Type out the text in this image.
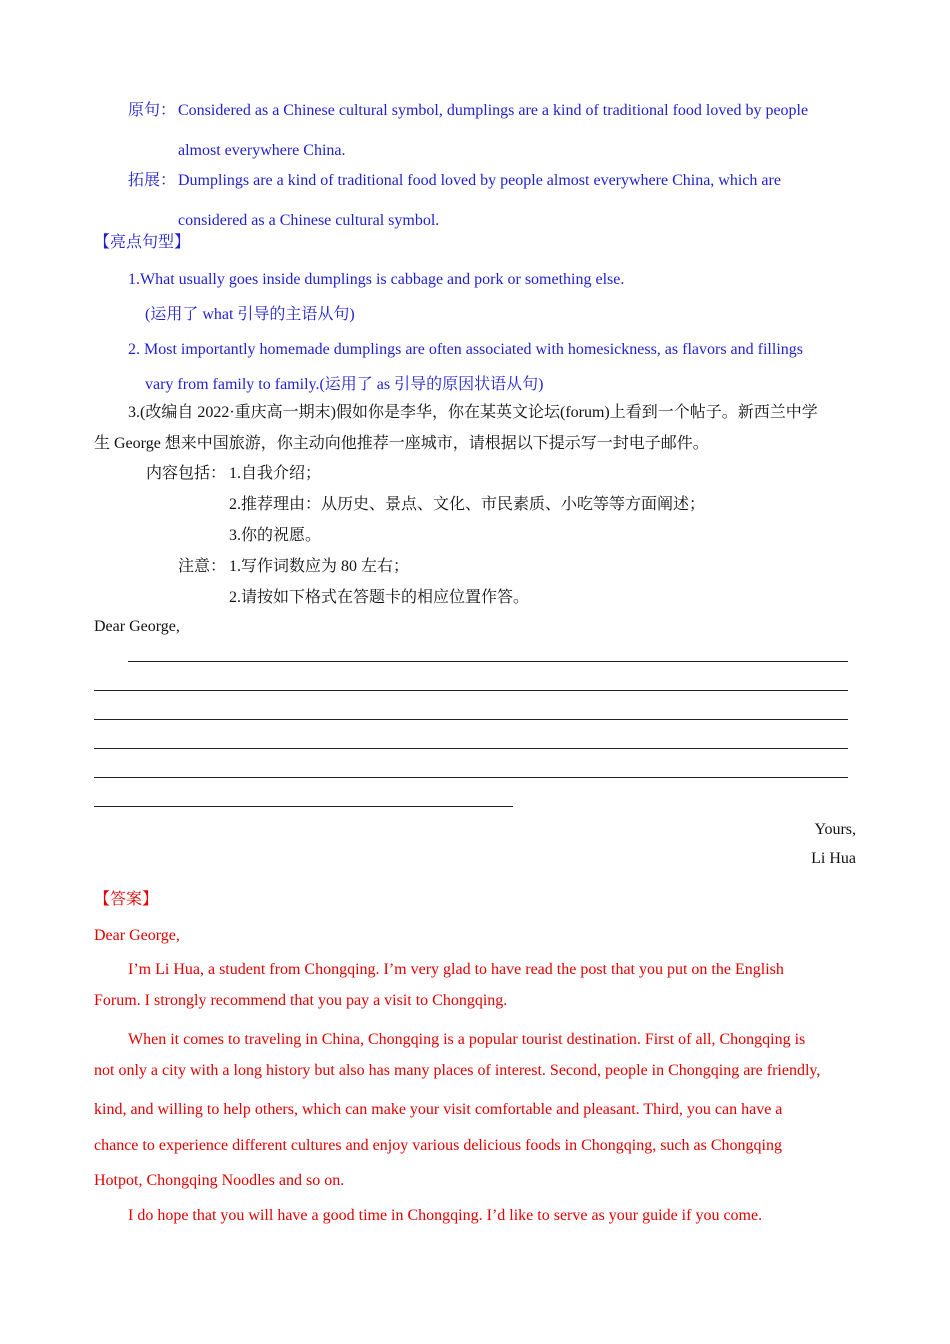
原句： Considered as a Chinese cultural symbol, dumplings are a kind of traditional food loved by people
almost everywhere China.
拓展： Dumplings are a kind of traditional food loved by people almost everywhere China, which are
considered as a Chinese cultural symbol.
【亮点句型】
1.What usually goes inside dumplings is cabbage and pork or something else.
(运用了 what 引导的主语从句)
2. Most importantly homemade dumplings are often associated with homesickness, as flavors and fillings
vary from family to family.(运用了 as 引导的原因状语从句)
3.(改编自 2022·重庆高一期末)假如你是李华，你在某英文论坛(forum)上看到一个帖子。新西兰中学
生 George 想来中国旅游，你主动向他推荐一座城市，请根据以下提示写一封电子邮件。
内容包括： 1.自我介绍；
2.推荐理由：从历史、景点、文化、市民素质、小吃等等方面阐述；
3.你的祝愿。
注意： 1.写作词数应为 80 左右；
2.请按如下格式在答题卡的相应位置作答。
Dear George,
Yours,
Li Hua
【答案】
Dear George,
I’m Li Hua, a student from Chongqing. I’m very glad to have read the post that you put on the English
Forum. I strongly recommend that you pay a visit to Chongqing.
When it comes to traveling in China, Chongqing is a popular tourist destination. First of all, Chongqing is
not only a city with a long history but also has many places of interest. Second, people in Chongqing are friendly,
kind, and willing to help others, which can make your visit comfortable and pleasant. Third, you can have a
chance to experience different cultures and enjoy various delicious foods in Chongqing, such as Chongqing
Hotpot, Chongqing Noodles and so on.
I do hope that you will have a good time in Chongqing. I’d like to serve as your guide if you come.
